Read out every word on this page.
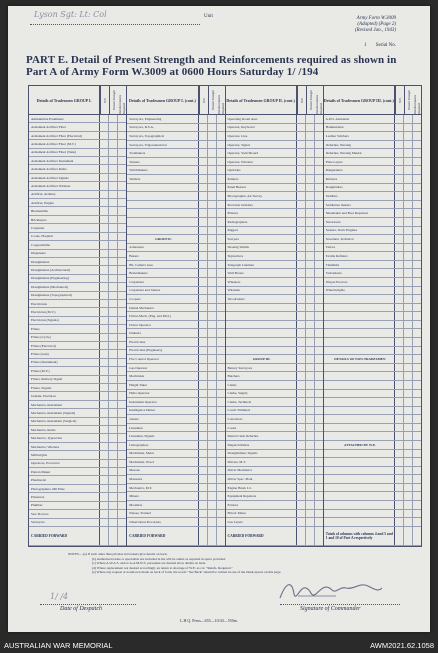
Lyson Sgt: Lt: Col	Unit	Army Form W.3009
(Adapted) (Page 2)
(Revised Jan., 1943)
1 Serial No.
PART E. Detail of Present Strength and Reinforcements required as shown in
Part A of Army Form W.3009 at 0600 Hours Saturday 1/ /194
Details of Tradesmen GROUP I.	W.E.	Present Strength Reinforcements Required
Ammunition Examiners
Armament Artificer Fitter
Armament Artificer Fitter (Electrical)
Armament Artificer Fitter (M.T.)
Armament Artificer Fitter (Tank)
Armament Artificer Instrument
Armament Artificer Radio
Armament Artificer Signals
Armament Artificer Wireless
Artificer, Artillery
Artificer, Engine
Blacksmiths
Bricklayers
Carpenter
Cooks, Hospital
Coppersmiths
Dispensers
Draughtsmen
Draughtsmen (Architectural)
Draughtsmen (Engineering)
Draughtsmen (Mechanical)
Draughtsmen (Topographical)
Electricians
Electrician (M.V.)
Electrician (Signals)
Fitters
Fitters (Cycle)
Fitters (Electrical)
Fitters (Gun)
Fitters (Instrument)
Fitters (M.V.)
Fitters, Railway Signal
Fitters, Signals
Grinder, Precision
Mechanics, Instrument
Mechanics, Instrument (Signals)
Mechanics, Instrument (Surgical)
Mechanics, Radio
Mechanics, Typewriter
Mechanics, Wireless
Millwrights
Operators, Excavator
Pattern Maker
Pharmacist
Photographers, Mil Plate
Plasterers
Plumber
Saw Doctors
Surveyors
CARRIED FORWARD
Details of Tradesmen GROUP I. (cont.)	W.E.	Present Strength Reinforcements Required
Surveyors, Engineering
Surveyors, R.S.A.
Surveyors, Topographical
Surveyors, Trigonometrical
Toolmakers
Turners
Watchmakers
Welders
GROUP II.
Armourers
Bakers
Bit, Camel's Asst.
Boilermakers
Carpenters
Carpenters and Joiners
Coopers
Dental Mechanics
Driver-Mech. (Eng. and Mcd.)
Driver Operator
Drainers
Electricians
Electricians (Engineers)
Fire Control Operator
Gas Operator
Machinists
Height Taker
Helio Operator
Instrument Operator
Intelligence Duties
Joiners
Linesmen
Linesmen, Signals
Lithographers
Machinists, Metal
Machinists, Wood
Masons
Masseurs
Mechanics, M.T.
Miners
Moulders
Nurses, Trained
Observation Post Assts.
CARRIED FORWARD
Details of Tradesmen GROUP II. (cont.)	W.E.	Present Strength Reinforcements Required
Operating Room Asst.
Operator, Keyboard
Operator, Line
Operator, Signal
Operator, Switchboard
Operator, Wireless
Opticians
Painters
Panel Beaters
Photographer, Air Survey
Precision Grinders
Printers
Radiographers
Riggers
Sawyers
Shoeing Smiths
Signwriters
Telegraph Lineman
Wall Borers
Wheelers
Wiremen
Woodcutters
GROUP III.
Battery Surveyors
Butchers
Clerks
Clerks, Supply
Clerks, Technical
Coach Trimmers
Concretors
Cooks
Dental Clerk Orderlies
Dispatch Riders
Draughtsmen, Signals
Drivers, M.T.
Driver Mechanics
Driver Spec. Plant
Engine Hand, I.C.
Equipment Repairers
Farriers
Fitters' Mates
Gas Layers
CARRIED FORWARD
Details of Tradesmen GROUP III. (cont.)	W.E.	Present Strength Reinforcements Required
G.P.O. Assistants
Hammermen
Leather Stitchers
Orderlies, Nursing
Orderlies, Nursing Mental
Plate Layers
Rangetakers
Riveters
Roughriders
Saddlers
Saddletree makers
Shoemaker and Boot Repairers
Stevedores
Stokers, Static Engines
Storemen, Technical
Tailors
Textile Refitters
Tinsmiths
Vulcanizers
Wagon Erectors
Wheelwrights
DETAILS OF NON-TRADESMEN
ATTACHED BY W.E.
Totals of columns with columns 4 and 5 and 1 and 10 of Part A respectively
NOTES.—(a) If such other than privates in brackets give details on back.
(b) Authorised trades or specialists not included in list will be added as required in space provided.
(c) Where A.W.A.S. and/or A.A.M.W.S. personnel are desired show details on back.
(d) Where replacement not desired accordingly an return to shortage of W.E. as col. "Reinfs. Required."
(e) Where any request or notation is made on back of form, the words "See Back" should be written in one of the blank spaces on this page.
1/ /4
Date of Despatch	Signature of Commander
L.H.Q. Press—655—10/43—550m.
AUSTRALIAN WAR MEMORIAL	AWM2021.62.1058
